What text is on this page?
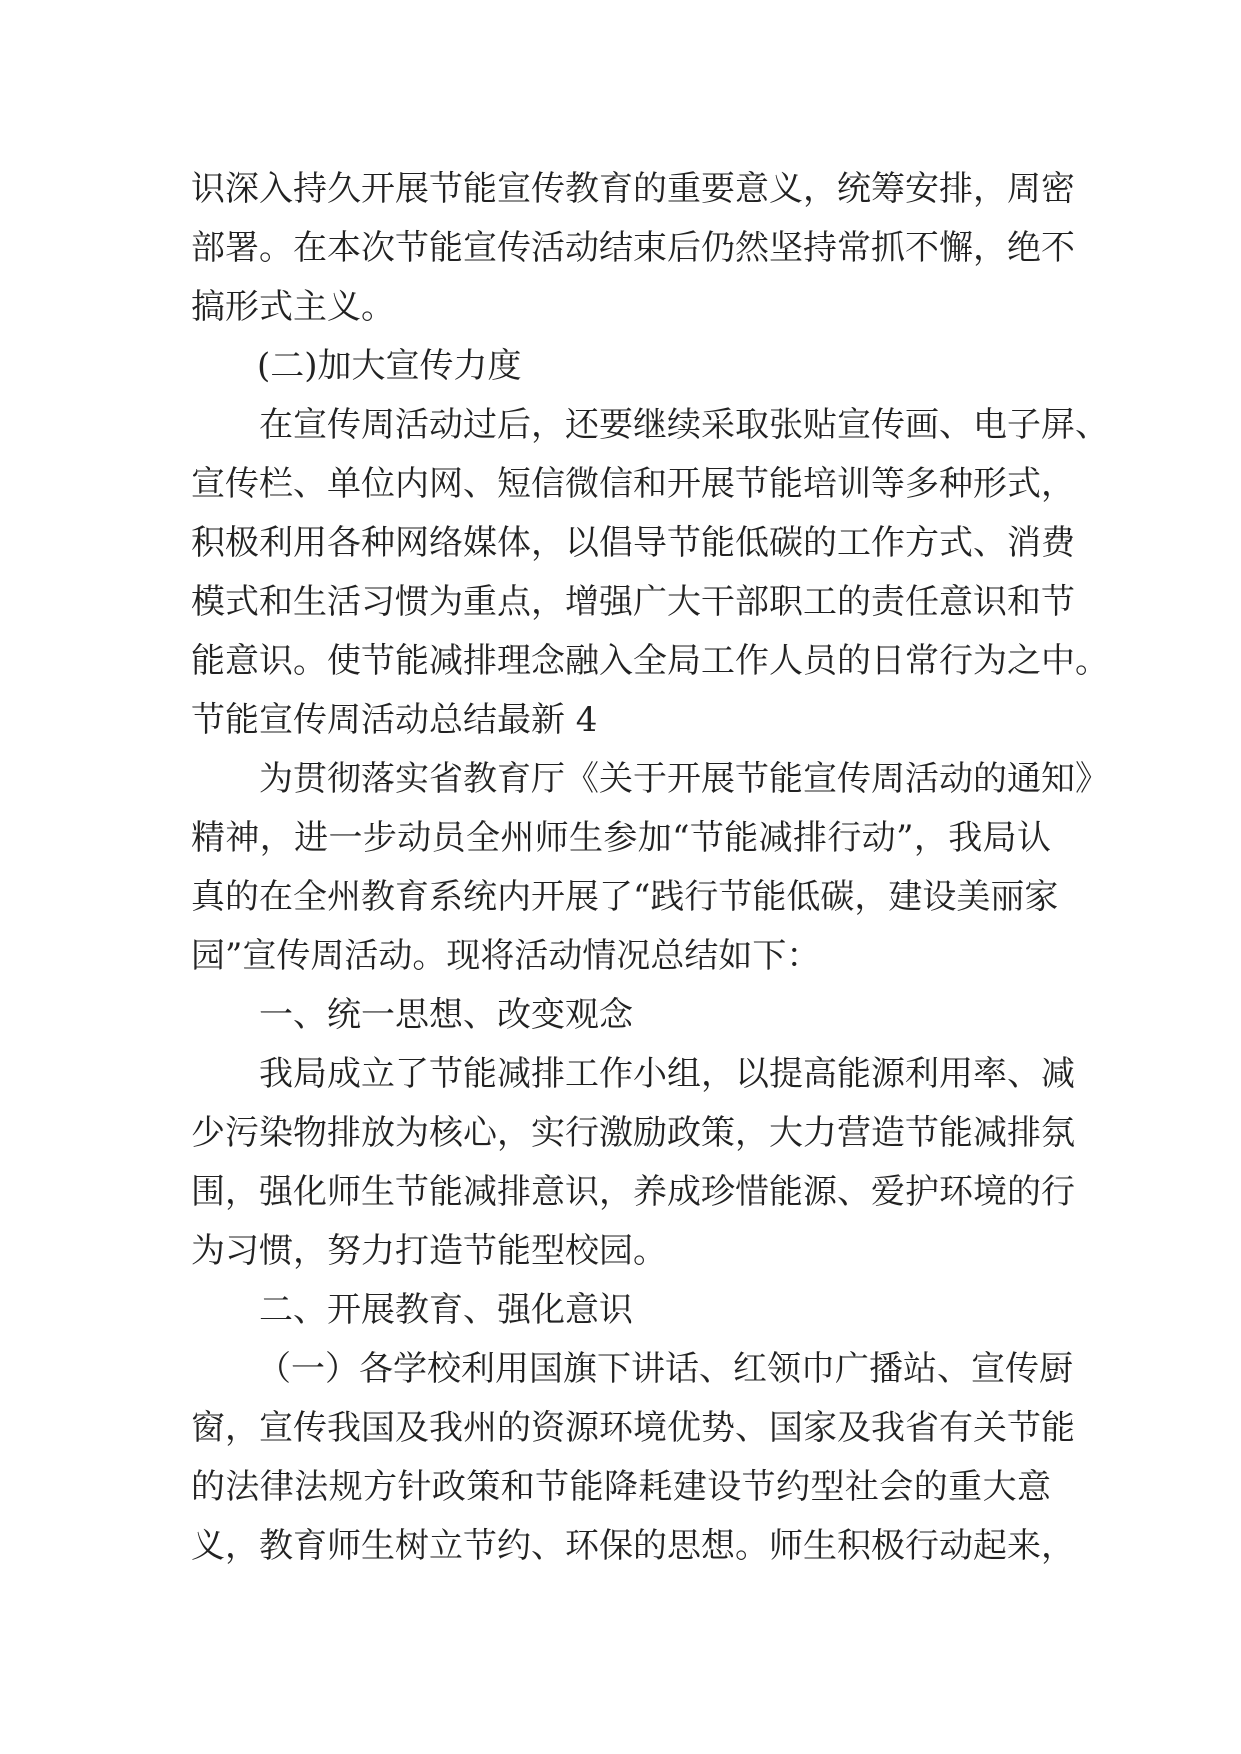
识深入持久开展节能宣传教育的重要意义，统筹安排，周密
部署。在本次节能宣传活动结束后仍然坚持常抓不懈，绝不
搞形式主义。
(二)加大宣传力度
在宣传周活动过后，还要继续采取张贴宣传画、电子屏、
宣传栏、单位内网、短信微信和开展节能培训等多种形式，
积极利用各种网络媒体，以倡导节能低碳的工作方式、消费
模式和生活习惯为重点，增强广大干部职工的责任意识和节
能意识。使节能减排理念融入全局工作人员的日常行为之中。
节能宣传周活动总结最新 4
为贯彻落实省教育厅《关于开展节能宣传周活动的通知》
精神，进一步动员全州师生参加“节能减排行动”，我局认
真的在全州教育系统内开展了“践行节能低碳，建设美丽家
园”宣传周活动。现将活动情况总结如下：
一、统一思想、改变观念
我局成立了节能减排工作小组，以提高能源利用率、减
少污染物排放为核心，实行激励政策，大力营造节能减排氛
围，强化师生节能减排意识，养成珍惜能源、爱护环境的行
为习惯，努力打造节能型校园。
二、开展教育、强化意识
（一）各学校利用国旗下讲话、红领巾广播站、宣传厨
窗，宣传我国及我州的资源环境优势、国家及我省有关节能
的法律法规方针政策和节能降耗建设节约型社会的重大意
义，教育师生树立节约、环保的思想。师生积极行动起来，
